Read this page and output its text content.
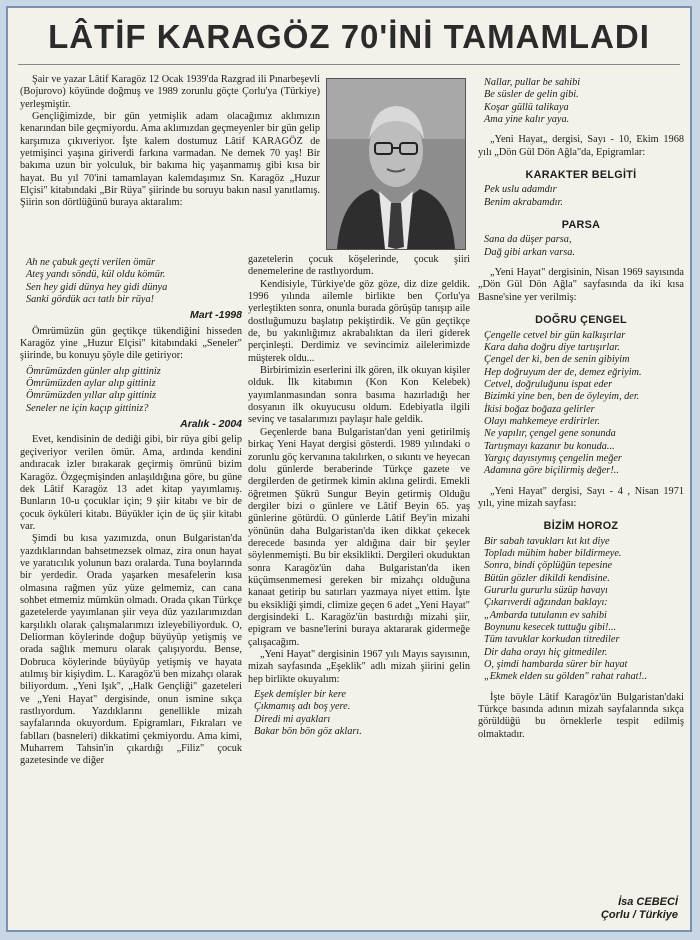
LÂTİF KARAGÖZ 70'İNİ TAMAMLADI

Şair ve yazar Lâtif Karagöz 12 Ocak 1939'da Razgrad ili Pınarbeşevli (Bojurovo) köyünde doğmuş ve 1989 zorunlu göçte Çorlu'ya (Türkiye) yerleşmiştir.

Gençliğimizde, bir gün yetmişlik adam olacağımız aklımızın kenarından bile geçmiyordu. Ama aklımızdan geçmeyenler bir gün gelip karşımıza çıkıveriyor. İşte kalem dostumuz Lâtif KARAGÖZ de yetmişinci yaşına giriverdi farkına varmadan. Ne demek 70 yaş! Bir bakıma uzun bir yolculuk, bir bakıma hiç yaşanmamış gibi kısa bir hayat. Bu yıl 70'ini tamamlayan kalemdaşımız Sn. Karagöz „Huzur Elçisi" kitabındaki „Bir Rüya" şiirinde bu soruyu bakın nasıl yanıtlamış. Şiirin son dörtlüğünü buraya aktaralım:

Ah ne çabuk geçti verilen ömür
Ateş yandı söndü, kül oldu kömür.
Sen hey gidi dünya hey gidi dünya
Sanki gördük acı tatlı bir rüya!
Mart -1998

Ömrümüzün gün geçtikçe tükendiğini hisseden Karagöz yine „Huzur Elçisi" kitabındaki „Seneler" şiirinde, bu konuyu şöyle dile getiriyor:

Ömrümüzden günler alıp gittiniz
Ömrümüzden aylar alıp gittiniz
Ömrümüzden yıllar alıp gittiniz
Seneler ne için kaçıp gittiniz?
Aralık - 2004

Evet, kendisinin de dediği gibi, bir rüya gibi gelip geçiveriyor verilen ömür. Ama, ardında kendini andıracak izler bırakarak geçirmiş ömrünü bizim Karagöz. Özgeçmişinden anlaşıldığına göre, bu güne dek Lâtif Karagöz 13 adet kitap yayımlamış. Bunların 10-u çocuklar için; 9 şiir kitabı ve bir de çocuk öyküleri kitabı. Büyükler için de üç şiir kitabı var.

Şimdi bu kısa yazımızda, onun Bulgaristan'da yazdıklarından bahsetmezsek olmaz, zira onun hayat ve yaratıcılık yolunun bazı oralarda. Tuna boylarında bir yerdedir. Orada yaşarken mesafelerin kısa olmasına rağmen yüz yüze gelmemiz, can cana sohbet etmemiz mümkün olmadı. Orada çıkan Türkçe gazetelerde yayımlanan şiir veya düz yazılarımızdan karşılıklı olarak çalışmalarımızı izleyebiliyorduk. O, Deliorman köylerinde doğup büyüyüp yetişmiş ve orada sağlık memuru olarak çalışıyordu. Bense, Dobruca köylerinde büyüyüp yetişmiş ve hayata atılmış bir kişiydim. L. Karagöz'ü ben mizahçı olarak biliyordum. „Yeni Işık", „Halk Gençliği" gazeteleri ve „Yeni Hayat" dergisinde, onun ismine sıkça rastlıyordum. Yazdıklarını genellikle mizah sayfalarında okuyordum. Epigramları, Fıkraları ve fablları (basneleri) dikkatimi çekmiyordu. Ama kimi, Muharrem Tahsin'in çıkardığı „Filiz" çocuk gazetesinde ve diğer

gazetelerin çocuk köşelerinde, çocuk şiiri denemelerine de rastlıyordum.

Kendisiyle, Türkiye'de göz göze, diz dize geldik. 1996 yılında ailemle birlikte ben Çorlu'ya yerleştikten sonra, onunla burada görüşüp tanışıp aile dostluğumuzu başlatıp pekiştirdik. Ve gün geçtikçe de, bu yakınlığımız akrabalıktan da ileri giderek perçinleşti. Derdimiz ve sevincimiz ailelerimizde müşterek oldu...

Birbirimizin eserlerini ilk gören, ilk okuyan kişiler olduk. İlk kitabımın (Kon Kon Kelebek) yayımlanmasından sonra basıma hazırladığı her dosyanın ilk okuyucusu oldum. Edebiyatla ilgili sevinç ve tasalarımızı paylaşır hale geldik.

Geçenlerde bana Bulgaristan'dan yeni getirilmiş birkaç Yeni Hayat dergisi gösterdi. 1989 yılındaki o zorunlu göç kervanına takılırken, o sıkıntı ve heyecan dolu günlerde beraberinde Türkçe gazete ve dergilerden de getirmek kimin aklına gelirdi. Emekli öğretmen Şükrü Sungur Beyin getirmiş Olduğu dergiler bizi o günlere ve Lâtif Beyin 65. yaş günlerine götürdü. O günlerde Lâtif Bey'in mizahi yönünün daha Bulgaristan'da iken dikkat çekecek derecede basında yer aldığına dair bir şeyler söylenmemişti. Bu bir eksiklikti. Dergileri okuduktan sonra Karagöz'ün daha Bulgaristan'da iken küçümsenmemesi gereken bir mizahçı olduğuna kanaat getirip bu satırları yazmaya niyet ettim. İşte bu eksikliği şimdi, climize geçen 6 adet „Yeni Hayat" dergisindeki L. Karagöz'ün bastırdığı mizahi şiir, epigram ve basne'lerini buraya aktararak gidermeğe çalışacağım.

„Yeni Hayat" dergisinin 1967 yılı Mayıs sayısının, mizah sayfasında „Eşeklik" adlı mizah şiirini gelin hep birlikte okuyalım:

Eşek demişler bir kere
Çıkmamış adı boş yere.
Diredi mi ayakları
Bakar bön bön göz akları.
Nallar, pullar be sahibi
Be süsler de gelin gibi.
Koşar güllü talikaya
Ama yine kalır yaya.

„Yeni Hayat„ dergisi, Sayı - 10, Ekim 1968 yılı „Dön Gül Dön Ağla"da, Epigramlar:

KARAKTER BELGİTİ
Pek uslu adamdır
Benim akrabamdır.
PARSA
Sana da düşer parsa,
Dağ gibi arkan varsa.

„Yeni Hayat" dergisinin, Nisan 1969 sayısında „Dön Gül Dön Ağla" sayfasında da iki kısa Basne'sine yer verilmiş:

DOĞRU ÇENGEL
Çengelle cetvel bir gün kalkışırlar
Kara daha doğru diye tartışırlar.
Çengel der ki, ben de senin gibiyim
Hep doğruyum der de, demez eğriyim.
Cetvel, doğruluğunu ispat eder
Bizimki yine ben, ben de öyleyim, der.
İkisi boğaz boğaza gelirler
Olayı mahkemeye erdirirler.
Ne yapılır, çengel gene sonunda
Tartışmayı kazanır bu konuda...
Yargıç dayısıymış çengelin meğer
Adamına göre biçilirmiş değer!..

„Yeni Hayat" dergisi, Sayı - 4 , Nisan 1971 yılı, yine mizah sayfası:

BİZİM HOROZ
Bir sabah tavukları kıt kıt diye
Topladı mühim haber bildirmeye.
Sonra, bindi çöplüğün tepesine
Bütün gözler dikildi kendisine.
Gururlu gururlu süzüp havayı
Çıkarıverdi ağzından baklayı:
„Ambarda tutulanın ev sahibi
Boynunu kesecek tuttuğu gibi!...
Tüm tavuklar korkudan titrediler
Dir daha orayı hiç gitmediler.
O, şimdi hambarda sürer bir hayat
„Ekmek elden su gölden" rahat rahat!..

İşte böyle Lâtif Karagöz'ün Bulgaristan'daki Türkçe basında adının mizah sayfalarında sıkça görüldüğü bu örneklerle tespit edilmiş olmaktadır.

İsa CEBECİ
Çorlu / Türkiye
